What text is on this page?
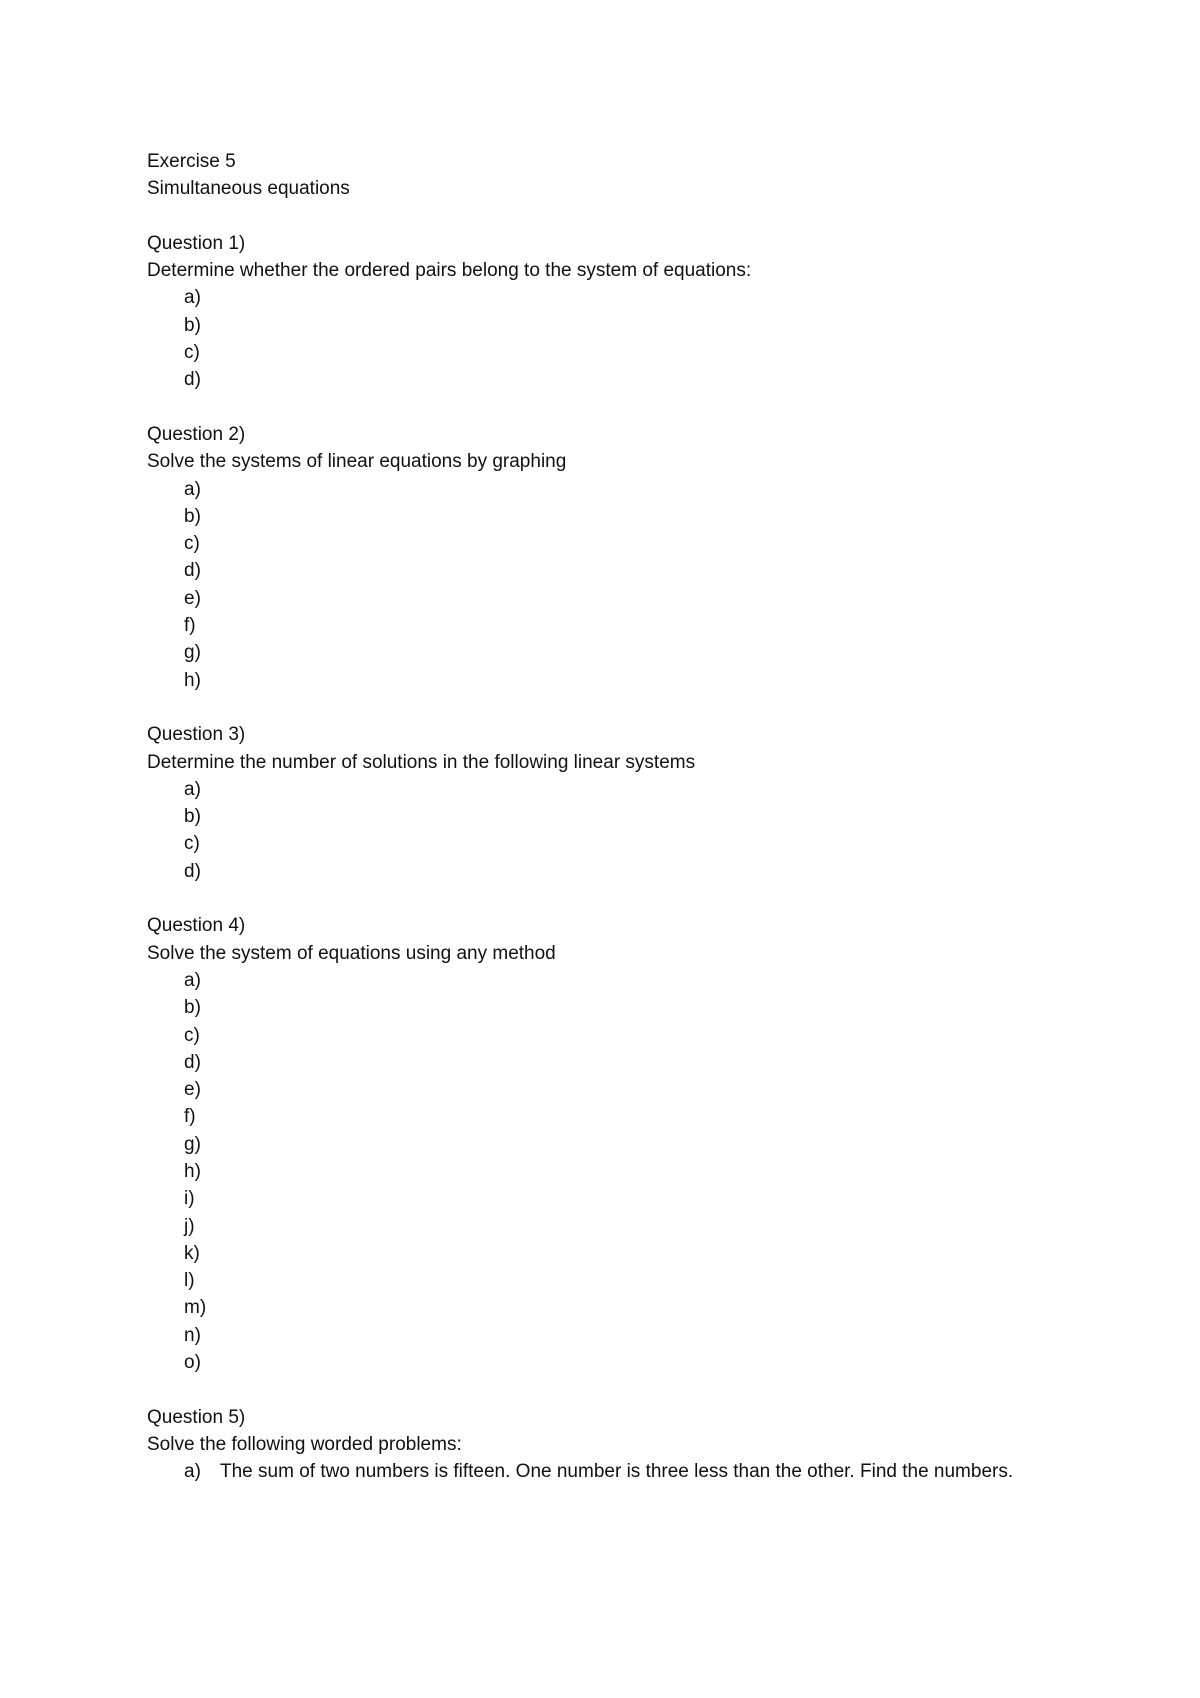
Exercise 5
Simultaneous equations
Question 1)
Determine whether the ordered pairs belong to the system of equations:
a)
b)
c)
d)
Question 2)
Solve the systems of linear equations by graphing
a)
b)
c)
d)
e)
f)
g)
h)
Question 3)
Determine the number of solutions in the following linear systems
a)
b)
c)
d)
Question 4)
Solve the system of equations using any method
a)
b)
c)
d)
e)
f)
g)
h)
i)
j)
k)
l)
m)
n)
o)
Question 5)
Solve the following worded problems:
a) The sum of two numbers is fifteen. One number is three less than the other. Find the numbers.
